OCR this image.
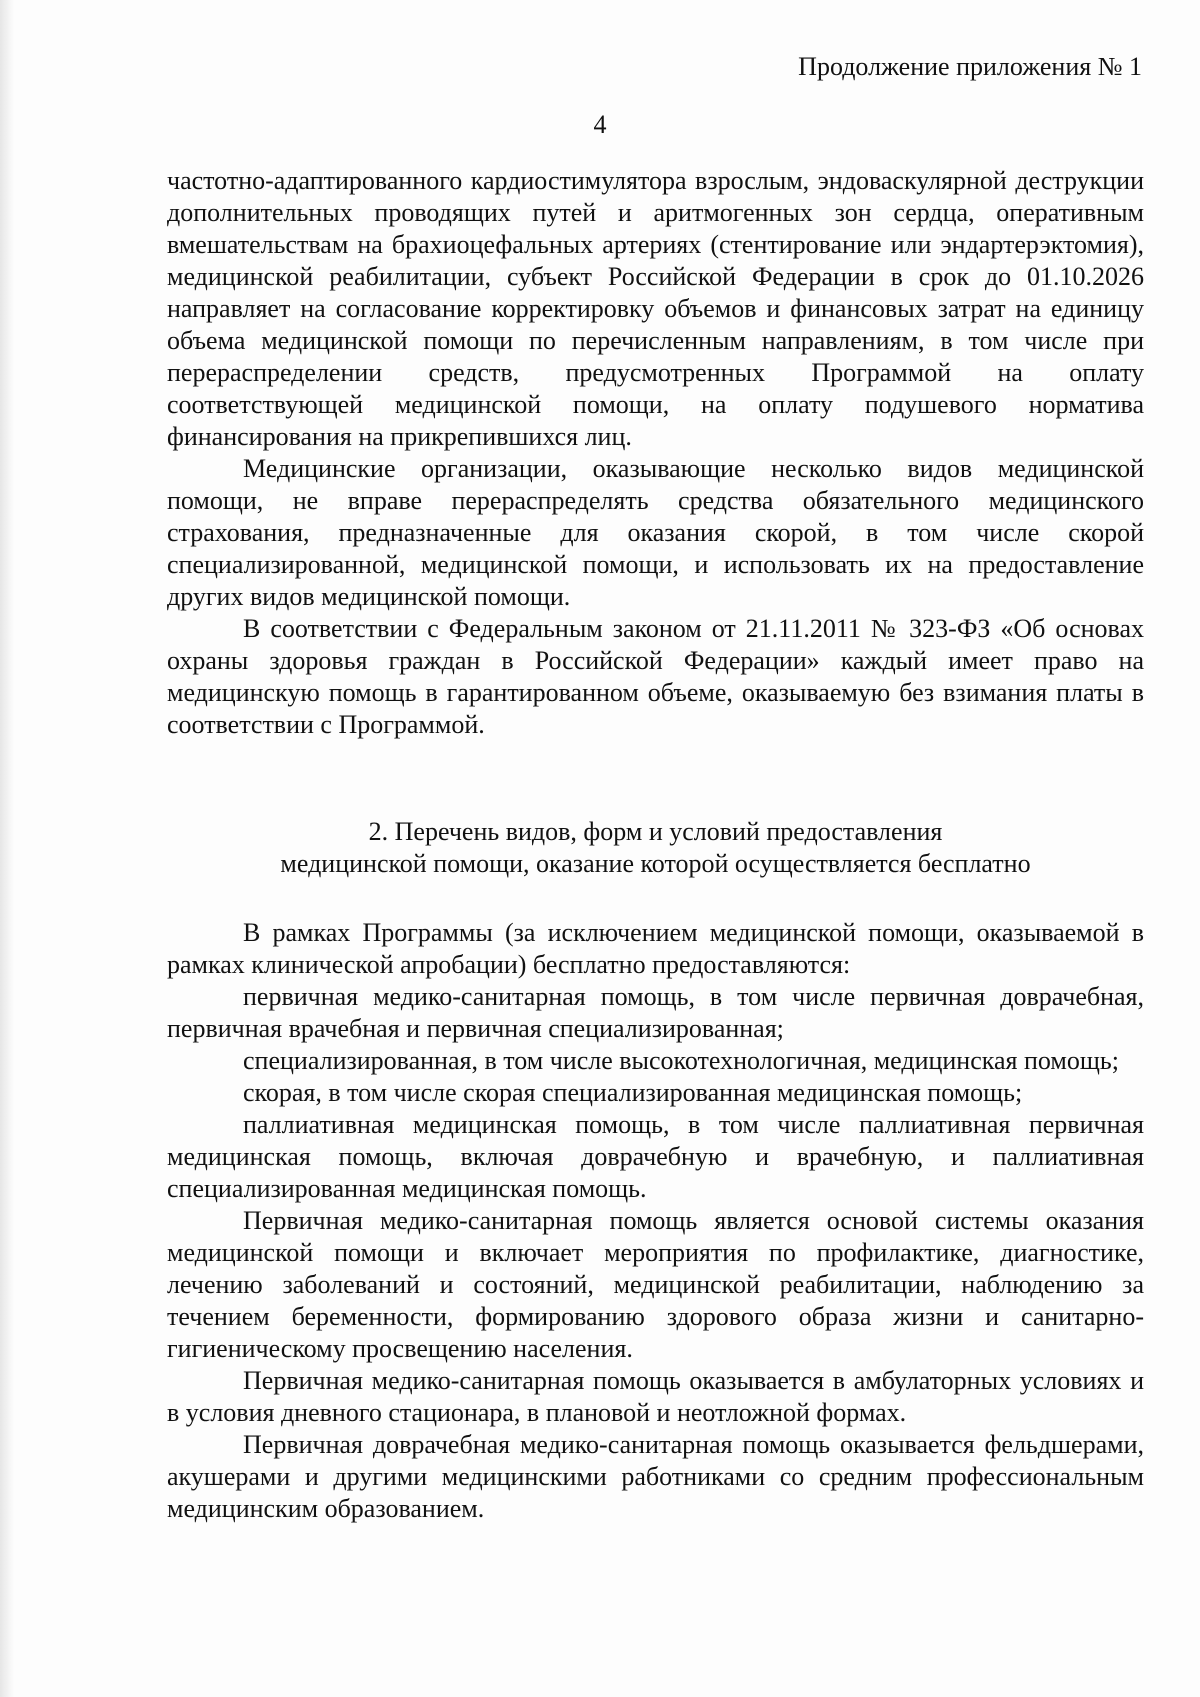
Продолжение приложения № 1
4

частотно-адаптированного кардиостимулятора взрослым, эндоваскулярной деструкции дополнительных проводящих путей и аритмогенных зон сердца, оперативным вмешательствам на брахиоцефальных артериях (стентирование или эндартерэктомия), медицинской реабилитации, субъект Российской Федерации в срок до 01.10.2026 направляет на согласование корректировку объемов и финансовых затрат на единицу объема медицинской помощи по перечисленным направлениям, в том числе при перераспределении средств, предусмотренных Программой на оплату соответствующей медицинской помощи, на оплату подушевого норматива финансирования на прикрепившихся лиц.

Медицинские организации, оказывающие несколько видов медицинской помощи, не вправе перераспределять средства обязательного медицинского страхования, предназначенные для оказания скорой, в том числе скорой специализированной, медицинской помощи, и использовать их на предоставление других видов медицинской помощи.

В соответствии с Федеральным законом от 21.11.2011 № 323-ФЗ «Об основах охраны здоровья граждан в Российской Федерации» каждый имеет право на медицинскую помощь в гарантированном объеме, оказываемую без взимания платы в соответствии с Программой.

2. Перечень видов, форм и условий предоставления
медицинской помощи, оказание которой осуществляется бесплатно

В рамках Программы (за исключением медицинской помощи, оказываемой в рамках клинической апробации) бесплатно предоставляются:

первичная медико-санитарная помощь, в том числе первичная доврачебная, первичная врачебная и первичная специализированная;

специализированная, в том числе высокотехнологичная, медицинская помощь;

скорая, в том числе скорая специализированная медицинская помощь;

паллиативная медицинская помощь, в том числе паллиативная первичная медицинская помощь, включая доврачебную и врачебную, и паллиативная специализированная медицинская помощь.

Первичная медико-санитарная помощь является основой системы оказания медицинской помощи и включает мероприятия по профилактике, диагностике, лечению заболеваний и состояний, медицинской реабилитации, наблюдению за течением беременности, формированию здорового образа жизни и санитарно-гигиеническому просвещению населения.

Первичная медико-санитарная помощь оказывается в амбулаторных условиях и в условия дневного стационара, в плановой и неотложной формах.

Первичная доврачебная медико-санитарная помощь оказывается фельдшерами, акушерами и другими медицинскими работниками со средним профессиональным медицинским образованием.
